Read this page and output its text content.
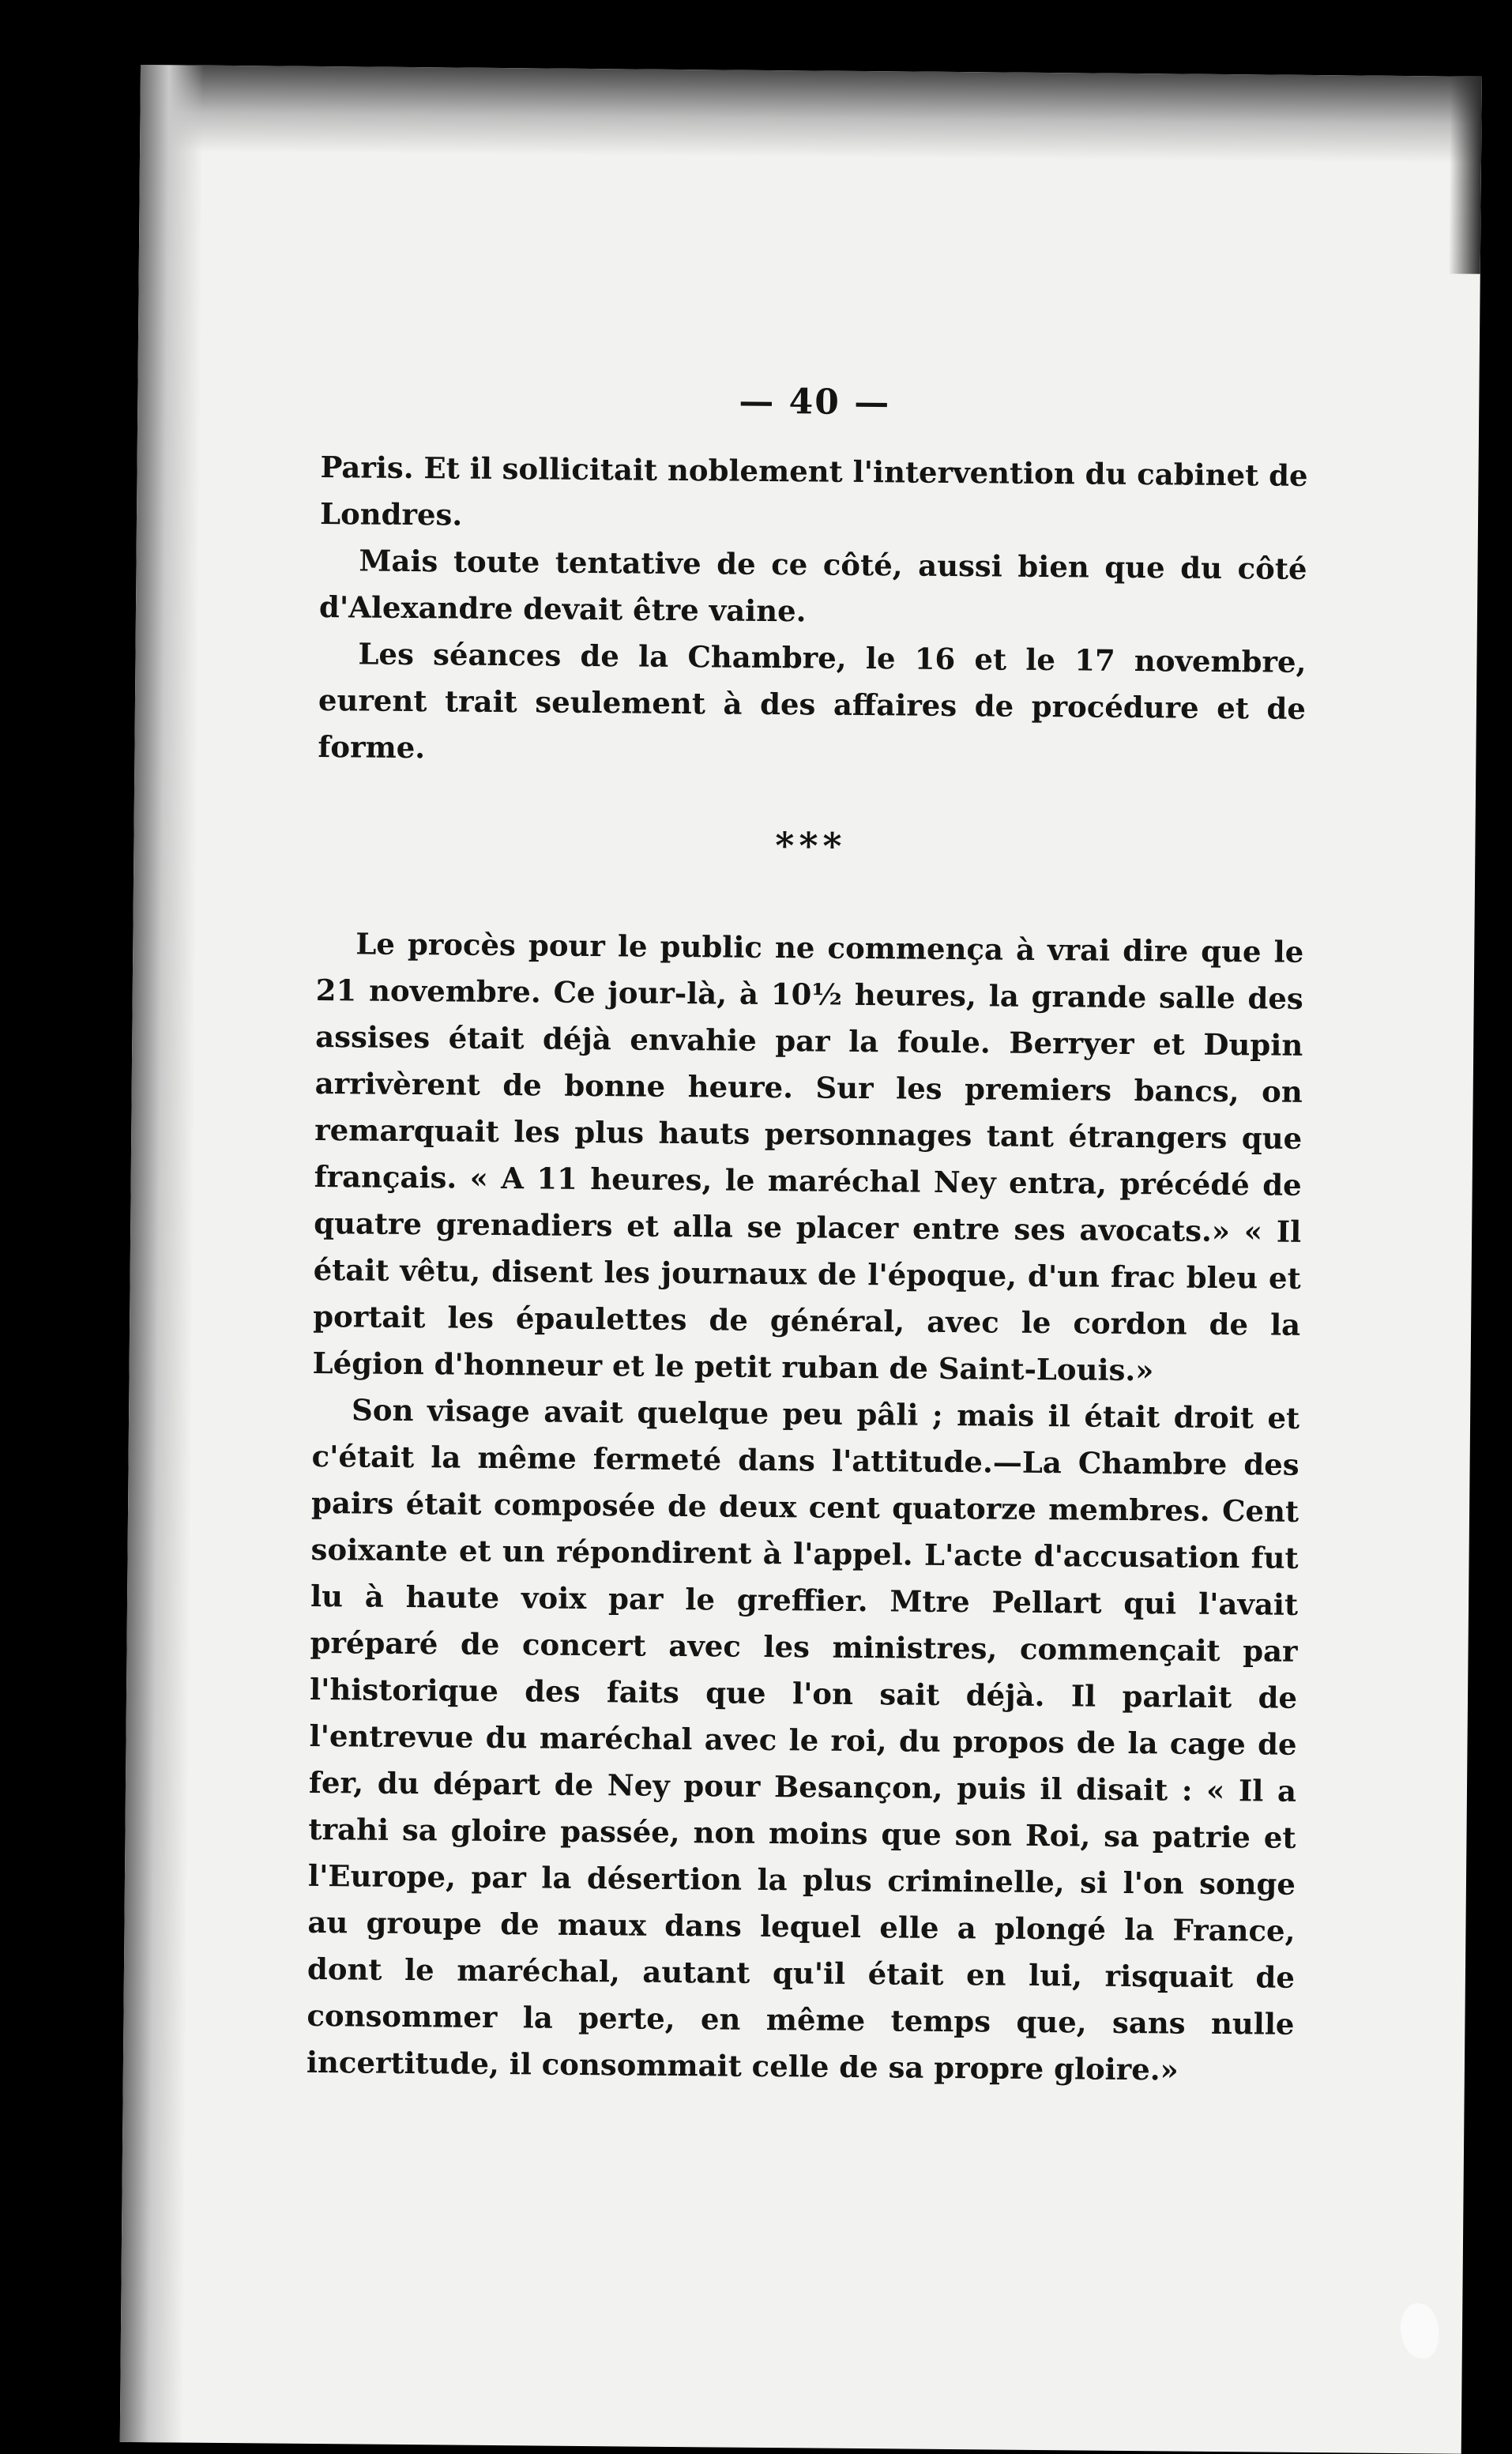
— 40 —

Paris. Et il sollicitait noblement l'intervention du cabinet de Londres.

Mais toute tentative de ce côté, aussi bien que du côté d'Alexandre devait être vaine.

Les séances de la Chambre, le 16 et le 17 novembre, eurent trait seulement à des affaires de procédure et de forme.

***

Le procès pour le public ne commença à vrai dire que le 21 novembre. Ce jour-là, à 10½ heures, la grande salle des assises était déjà envahie par la foule. Berryer et Dupin arrivèrent de bonne heure. Sur les premiers bancs, on remarquait les plus hauts personnages tant étrangers que français. « A 11 heures, le maréchal Ney entra, précédé de quatre grenadiers et alla se placer entre ses avocats.» « Il était vêtu, disent les journaux de l'époque, d'un frac bleu et portait les épaulettes de général, avec le cordon de la Légion d'honneur et le petit ruban de Saint-Louis.»

Son visage avait quelque peu pâli ; mais il était droit et c'était la même fermeté dans l'attitude.—La Chambre des pairs était composée de deux cent quatorze membres. Cent soixante et un répondirent à l'appel. L'acte d'accusation fut lu à haute voix par le greffier. Mtre Pellart qui l'avait préparé de concert avec les ministres, commençait par l'historique des faits que l'on sait déjà. Il parlait de l'entrevue du maréchal avec le roi, du propos de la cage de fer, du départ de Ney pour Besançon, puis il disait : « Il a trahi sa gloire passée, non moins que son Roi, sa patrie et l'Europe, par la désertion la plus criminelle, si l'on songe au groupe de maux dans lequel elle a plongé la France, dont le maréchal, autant qu'il était en lui, risquait de consommer la perte, en même temps que, sans nulle incertitude, il consommait celle de sa propre gloire.»
